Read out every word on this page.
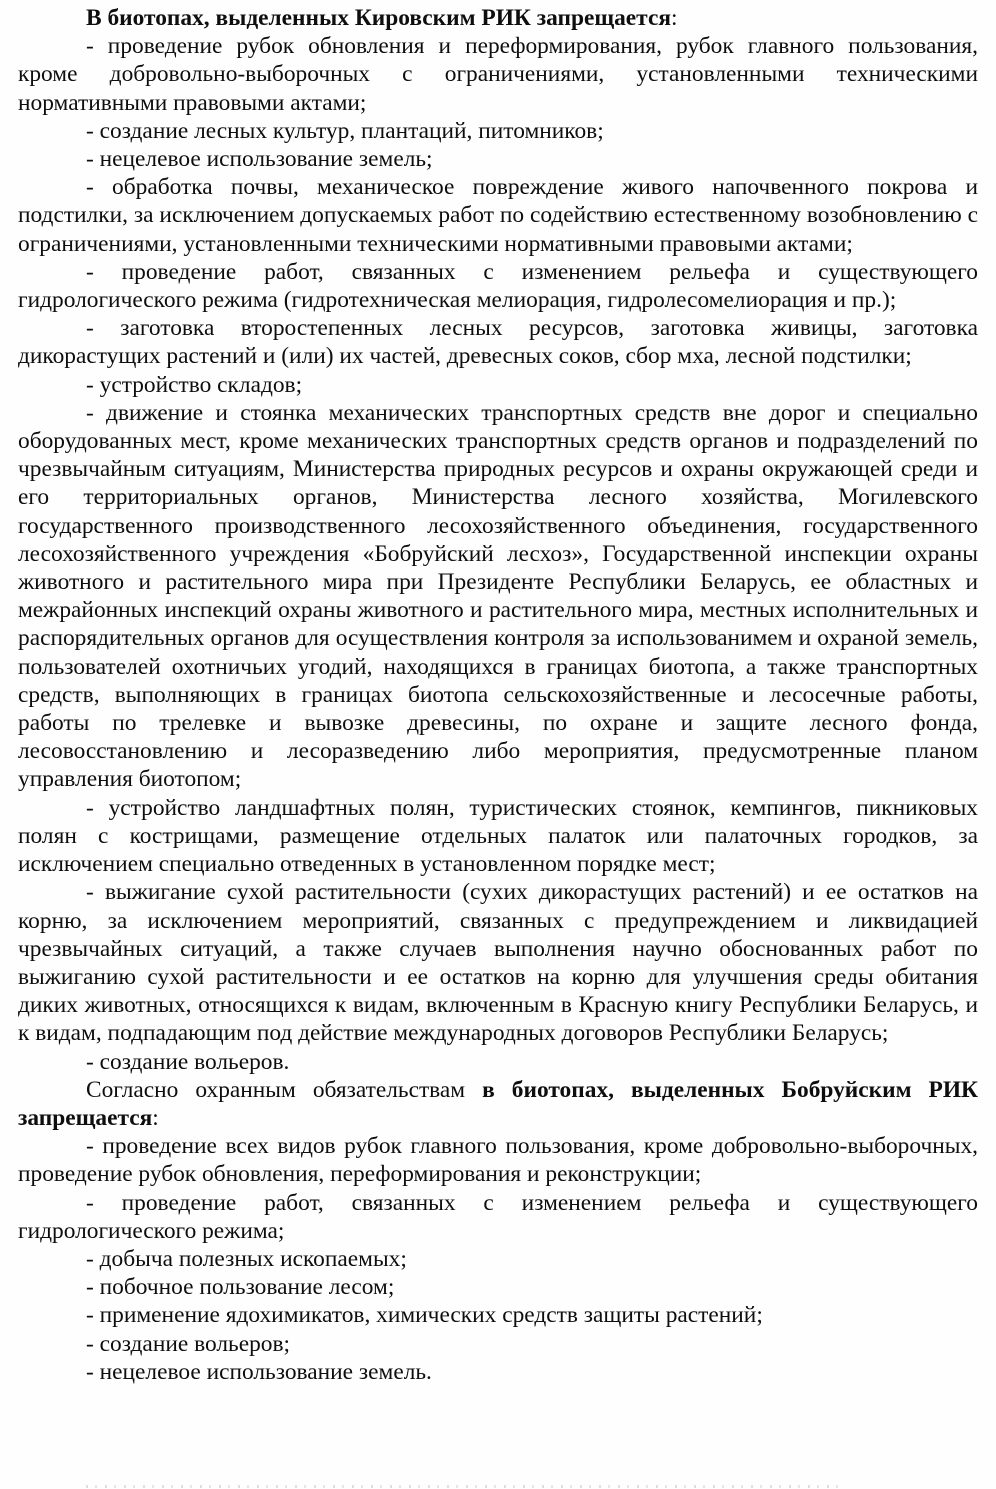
В биотопах, выделенных Кировским РИК запрещается:

- проведение рубок обновления и переформирования, рубок главного пользования, кроме добровольно-выборочных с ограничениями, установленными техническими нормативными правовыми актами;

- создание лесных культур, плантаций, питомников;

- нецелевое использование земель;

- обработка почвы, механическое повреждение живого напочвенного покрова и подстилки, за исключением допускаемых работ по содействию естественному возобновлению с ограничениями, установленными техническими нормативными правовыми актами;

- проведение работ, связанных с изменением рельефа и существующего гидрологического режима (гидротехническая мелиорация, гидролесомелиорация и пр.);

- заготовка второстепенных лесных ресурсов, заготовка живицы, заготовка дикорастущих растений и (или) их частей, древесных соков, сбор мха, лесной подстилки;

- устройство складов;

- движение и стоянка механических транспортных средств вне дорог и специально оборудованных мест, кроме механических транспортных средств органов и подразделений по чрезвычайным ситуациям, Министерства природных ресурсов и охраны окружающей среди и его территориальных органов, Министерства лесного хозяйства, Могилевского государственного производственного лесохозяйственного объединения, государственного лесохозяйственного учреждения «Бобруйский лесхоз», Государственной инспекции охраны животного и растительного мира при Президенте Республики Беларусь, ее областных и межрайонных инспекций охраны животного и растительного мира, местных исполнительных и распорядительных органов для осуществления контроля за использованимем и охраной земель, пользователей охотничьих угодий, находящихся в границах биотопа, а также транспортных средств, выполняющих в границах биотопа сельскохозяйственные и лесосечные работы, работы по трелевке и вывозке древесины, по охране и защите лесного фонда, лесовосстановлению и лесоразведению либо мероприятия, предусмотренные планом управления биотопом;

- устройство ландшафтных полян, туристических стоянок, кемпингов, пикниковых полян с кострищами, размещение отдельных палаток или палаточных городков, за исключением специально отведенных в установленном порядке мест;

- выжигание сухой растительности (сухих дикорастущих растений) и ее остатков на корню, за исключением мероприятий, связанных с предупреждением и ликвидацией чрезвычайных ситуаций, а также случаев выполнения научно обоснованных работ по выжиганию сухой растительности и ее остатков на корню для улучшения среды обитания диких животных, относящихся к видам, включенным в Красную книгу Республики Беларусь, и к видам, подпадающим под действие международных договоров Республики Беларусь;

- создание вольеров.

Согласно охранным обязательствам в биотопах, выделенных Бобруйским РИК запрещается:

- проведение всех видов рубок главного пользования, кроме добровольно-выборочных, проведение рубок обновления, переформирования и реконструкции;

- проведение работ, связанных с изменением рельефа и существующего гидрологического режима;

- добыча полезных ископаемых;

- побочное пользование лесом;

- применение ядохимикатов, химических средств защиты растений;

- создание вольеров;

- нецелевое использование земель.
